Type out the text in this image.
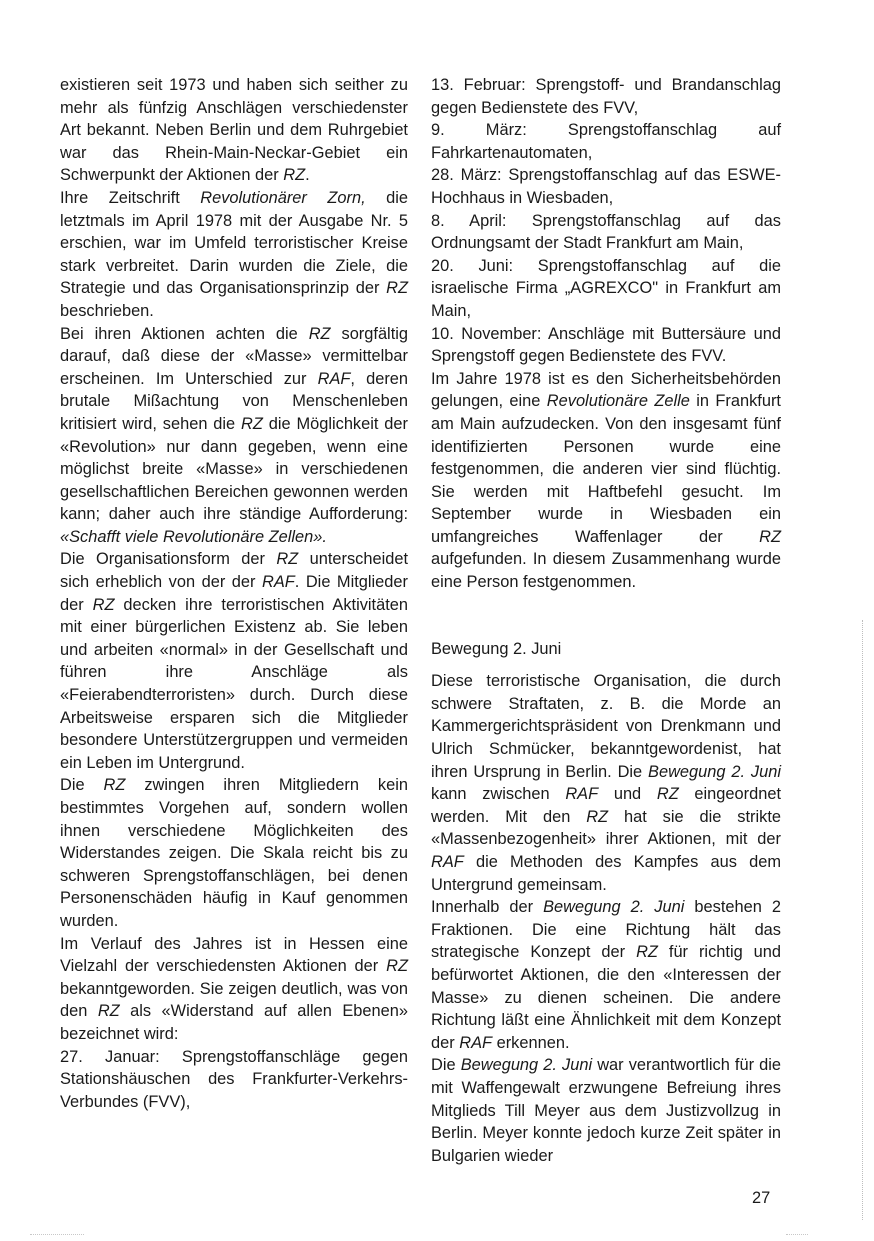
existieren seit 1973 und haben sich seither zu mehr als fünfzig Anschlägen verschiedenster Art bekannt. Neben Berlin und dem Ruhrgebiet war das Rhein-Main-Neckar-Gebiet ein Schwerpunkt der Aktionen der RZ.

Ihre Zeitschrift Revolutionärer Zorn, die letztmals im April 1978 mit der Ausgabe Nr. 5 erschien, war im Umfeld terroristischer Kreise stark verbreitet. Darin wurden die Ziele, die Strategie und das Organisationsprinzip der RZ beschrieben.

Bei ihren Aktionen achten die RZ sorgfältig darauf, daß diese der «Masse» vermittelbar erscheinen. Im Unterschied zur RAF, deren brutale Mißachtung von Menschenleben kritisiert wird, sehen die RZ die Möglichkeit der «Revolution» nur dann gegeben, wenn eine möglichst breite «Masse» in verschiedenen gesellschaftlichen Bereichen gewonnen werden kann; daher auch ihre ständige Aufforderung: «Schafft viele Revolutionäre Zellen».

Die Organisationsform der RZ unterscheidet sich erheblich von der der RAF. Die Mitglieder der RZ decken ihre terroristischen Aktivitäten mit einer bürgerlichen Existenz ab. Sie leben und arbeiten «normal» in der Gesellschaft und führen ihre Anschläge als «Feierabendterroristen» durch. Durch diese Arbeitsweise ersparen sich die Mitglieder besondere Unterstützergruppen und vermeiden ein Leben im Untergrund.

Die RZ zwingen ihren Mitgliedern kein bestimmtes Vorgehen auf, sondern wollen ihnen verschiedene Möglichkeiten des Widerstandes zeigen. Die Skala reicht bis zu schweren Sprengstoffanschlägen, bei denen Personenschäden häufig in Kauf genommen wurden.

Im Verlauf des Jahres ist in Hessen eine Vielzahl der verschiedensten Aktionen der RZ bekanntgeworden. Sie zeigen deutlich, was von den RZ als «Widerstand auf allen Ebenen» bezeichnet wird:

27. Januar: Sprengstoffanschläge gegen Stationshäuschen des Frankfurter-Verkehrs-Verbundes (FVV),

13. Februar: Sprengstoff- und Brandanschlag gegen Bedienstete des FVV,

9. März: Sprengstoffanschlag auf Fahrkartenautomaten,

28. März: Sprengstoffanschlag auf das ESWE-Hochhaus in Wiesbaden,

8. April: Sprengstoffanschlag auf das Ordnungsamt der Stadt Frankfurt am Main,

20. Juni: Sprengstoffanschlag auf die israelische Firma „AGREXCO" in Frankfurt am Main,

10. November: Anschläge mit Buttersäure und Sprengstoff gegen Bedienstete des FVV.

Im Jahre 1978 ist es den Sicherheitsbehörden gelungen, eine Revolutionäre Zelle in Frankfurt am Main aufzudecken. Von den insgesamt fünf identifizierten Personen wurde eine festgenommen, die anderen vier sind flüchtig. Sie werden mit Haftbefehl gesucht. Im September wurde in Wiesbaden ein umfangreiches Waffenlager der RZ aufgefunden. In diesem Zusammenhang wurde eine Person festgenommen.

Bewegung 2. Juni

Diese terroristische Organisation, die durch schwere Straftaten, z. B. die Morde an Kammergerichtspräsident von Drenkmann und Ulrich Schmücker, bekanntgewordenist, hat ihren Ursprung in Berlin. Die Bewegung 2. Juni kann zwischen RAF und RZ eingeordnet werden. Mit den RZ hat sie die strikte «Massenbezogenheit» ihrer Aktionen, mit der RAF die Methoden des Kampfes aus dem Untergrund gemeinsam.

Innerhalb der Bewegung 2. Juni bestehen 2 Fraktionen. Die eine Richtung hält das strategische Konzept der RZ für richtig und befürwortet Aktionen, die den «Interessen der Masse» zu dienen scheinen. Die andere Richtung läßt eine Ähnlichkeit mit dem Konzept der RAF erkennen.

Die Bewegung 2. Juni war verantwortlich für die mit Waffengewalt erzwungene Befreiung ihres Mitglieds Till Meyer aus dem Justizvollzug in Berlin. Meyer konnte jedoch kurze Zeit später in Bulgarien wieder

27
